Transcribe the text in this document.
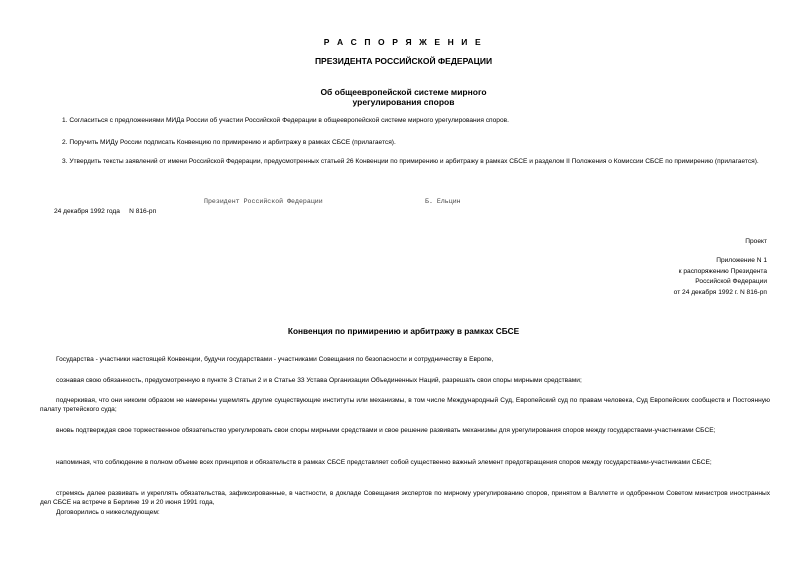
Р А С П О Р Я Ж Е Н И Е

ПРЕЗИДЕНТА РОССИЙСКОЙ ФЕДЕРАЦИИ

Об общеевропейской системе мирного
урегулирования споров

1. Согласиться с предложениями МИДа России об участии Российской Федерации в общеевропейской системе мирного урегулирования споров.

2. Поручить МИДу России подписать Конвенцию по примирению и арбитражу в рамках СБСЕ (прилагается).

3. Утвердить тексты заявлений от имени Российской Федерации, предусмотренных статьей 26 Конвенции по примирению и арбитражу в рамках СБСЕ и разделом II Положения о Комиссии СБСЕ по примирению (прилагается).

Президент Российской Федерации	Б. Ельцин
24 декабря 1992 года     N 816-рп
Проект
Приложение N 1
к распоряжению Президента
Российской Федерации
от 24 декабря 1992 г. N 816-рп

Конвенция по примирению и арбитражу в рамках СБСЕ

Государства - участники настоящей Конвенции, будучи государствами - участниками Совещания по безопасности и сотрудничеству в Европе,

сознавая свою обязанность, предусмотренную в пункте 3 Статьи 2 и в Статье 33 Устава Организации Объединенных Наций, разрешать свои споры мирными средствами;

подчеркивая, что они никоим образом не намерены ущемлять другие существующие институты или механизмы, в том числе Международный Суд, Европейский суд по правам человека, Суд Европейских сообществ и Постоянную палату третейского суда;

вновь подтверждая свое торжественное обязательство урегулировать свои споры мирными средствами и свое решение развивать механизмы для урегулирования споров между государствами-участниками СБСЕ;

напоминая, что соблюдение в полном объеме всех принципов и обязательств в рамках СБСЕ представляет собой существенно важный элемент предотвращения споров между государствами-участниками СБСЕ;

стремясь далее развивать и укреплять обязательства, зафиксированные, в частности, в докладе Совещания экспертов по мирному урегулированию споров, принятом в Валлетте и одобренном Советом министров иностранных дел СБСЕ на встрече в Берлине 19 и 20 июня 1991 года,

Договорились о нижеследующем:
